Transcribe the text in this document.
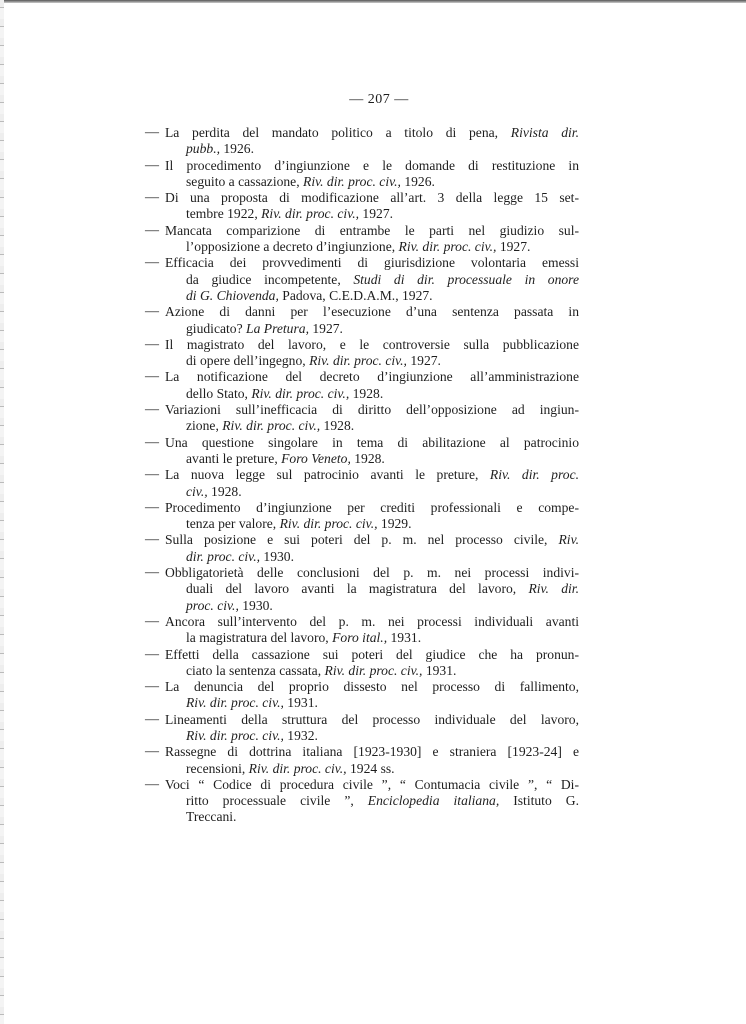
— 207 —
— La perdita del mandato politico a titolo di pena, Rivista dir.
pubb., 1926.
— Il procedimento d’ingiunzione e le domande di restituzione in
seguito a cassazione, Riv. dir. proc. civ., 1926.
— Di una proposta di modificazione all’art. 3 della legge 15 set-
tembre 1922, Riv. dir. proc. civ., 1927.
— Mancata comparizione di entrambe le parti nel giudizio sul-
l’opposizione a decreto d’ingiunzione, Riv. dir. proc. civ., 1927.
— Efficacia dei provvedimenti di giurisdizione volontaria emessi
da giudice incompetente, Studi di dir. processuale in onore
di G. Chiovenda, Padova, C.E.D.A.M., 1927.
— Azione di danni per l’esecuzione d’una sentenza passata in
giudicato? La Pretura, 1927.
— Il magistrato del lavoro, e le controversie sulla pubblicazione
di opere dell’ingegno, Riv. dir. proc. civ., 1927.
— La notificazione del decreto d’ingiunzione all’amministrazione
dello Stato, Riv. dir. proc. civ., 1928.
— Variazioni sull’inefficacia di diritto dell’opposizione ad ingiun-
zione, Riv. dir. proc. civ., 1928.
— Una questione singolare in tema di abilitazione al patrocinio
avanti le preture, Foro Veneto, 1928.
— La nuova legge sul patrocinio avanti le preture, Riv. dir. proc.
civ., 1928.
— Procedimento d’ingiunzione per crediti professionali e compe-
tenza per valore, Riv. dir. proc. civ., 1929.
— Sulla posizione e sui poteri del p. m. nel processo civile, Riv.
dir. proc. civ., 1930.
— Obbligatorietà delle conclusioni del p. m. nei processi indivi-
duali del lavoro avanti la magistratura del lavoro, Riv. dir.
proc. civ., 1930.
— Ancora sull’intervento del p. m. nei processi individuali avanti
la magistratura del lavoro, Foro ital., 1931.
— Effetti della cassazione sui poteri del giudice che ha pronun-
ciato la sentenza cassata, Riv. dir. proc. civ., 1931.
— La denuncia del proprio dissesto nel processo di fallimento,
Riv. dir. proc. civ., 1931.
— Lineamenti della struttura del processo individuale del lavoro,
Riv. dir. proc. civ., 1932.
— Rassegne di dottrina italiana [1923-1930] e straniera [1923-24] e
recensioni, Riv. dir. proc. civ., 1924 ss.
— Voci “ Codice di procedura civile ”, “ Contumacia civile ”, “ Di-
ritto processuale civile ”, Enciclopedia italiana, Istituto G.
Treccani.
